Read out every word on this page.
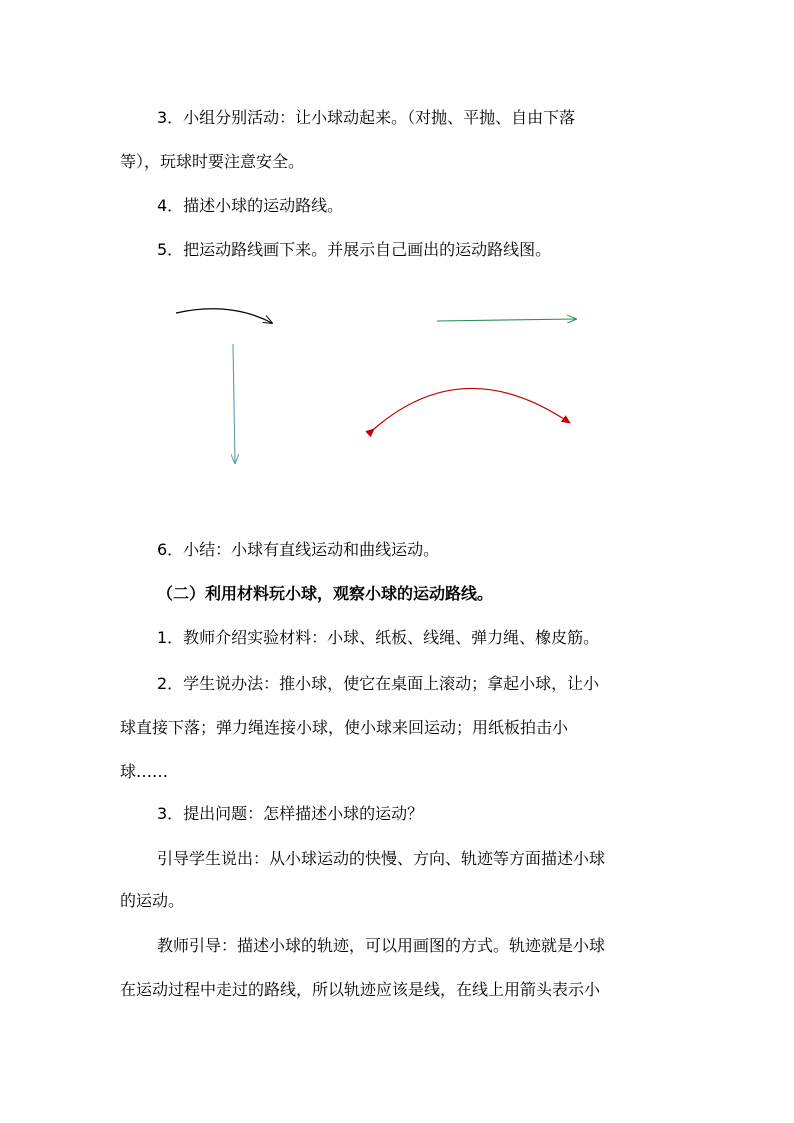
3．小组分别活动：让小球动起来。（对抛、平抛、自由下落
等），玩球时要注意安全。
4．描述小球的运动路线。
5．把运动路线画下来。并展示自己画出的运动路线图。
6．小结：小球有直线运动和曲线运动。
（二）利用材料玩小球，观察小球的运动路线。
1．教师介绍实验材料：小球、纸板、线绳、弹力绳、橡皮筋。
2．学生说办法：推小球，使它在桌面上滚动；拿起小球，让小
球直接下落；弹力绳连接小球，使小球来回运动；用纸板拍击小
球……
3．提出问题：怎样描述小球的运动？
引导学生说出：从小球运动的快慢、方向、轨迹等方面描述小球
的运动。
教师引导：描述小球的轨迹，可以用画图的方式。轨迹就是小球
在运动过程中走过的路线，所以轨迹应该是线，在线上用箭头表示小
